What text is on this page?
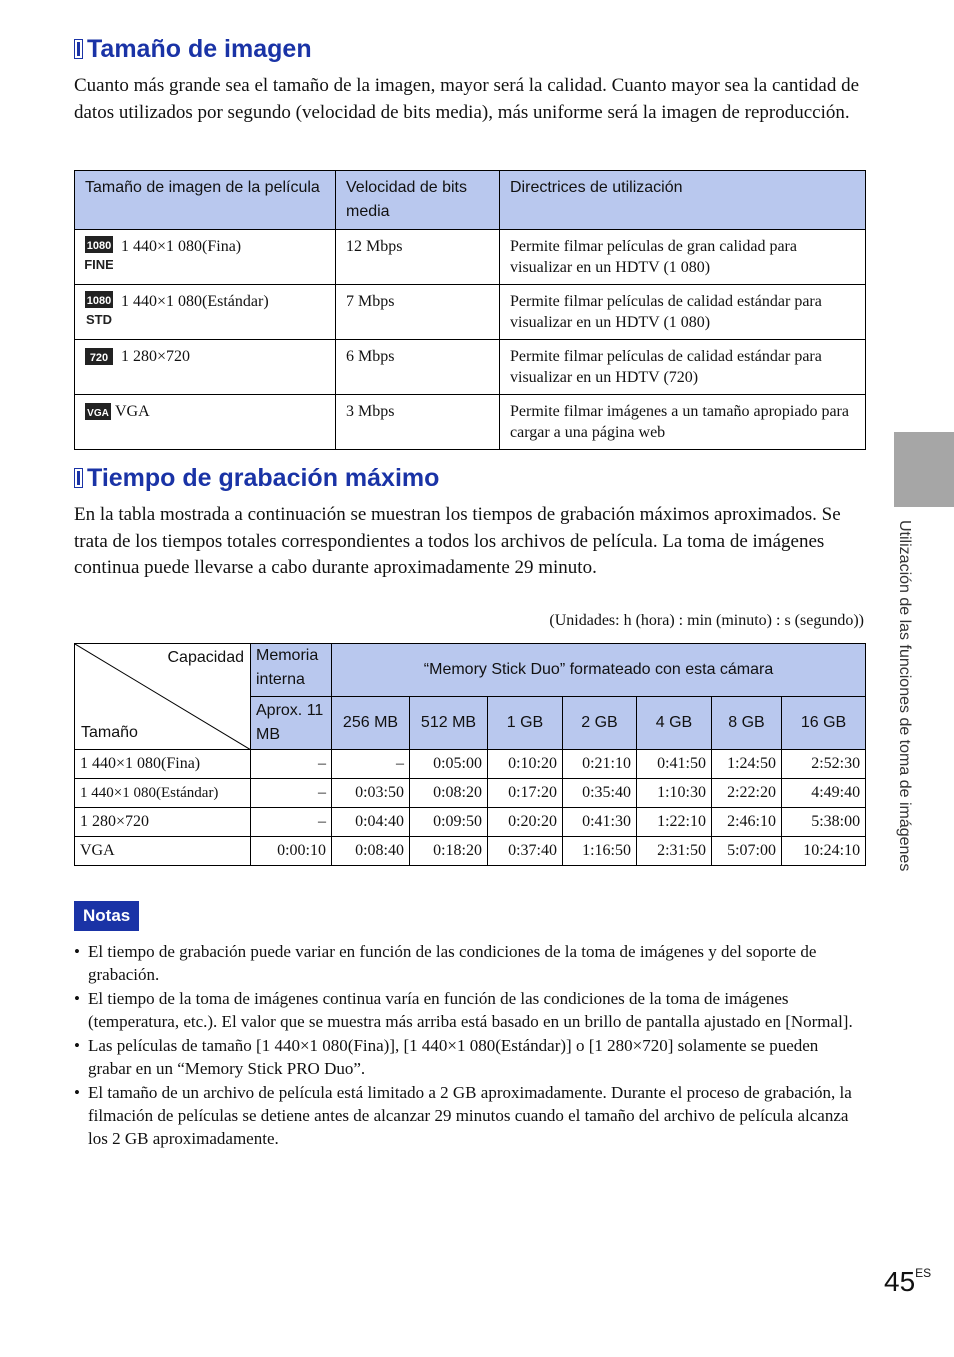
Tamaño de imagen

Cuanto más grande sea el tamaño de la imagen, mayor será la calidad. Cuanto mayor sea la cantidad de datos utilizados por segundo (velocidad de bits media), más uniforme será la imagen de reproducción.

Tamaño de imagen de la película	Velocidad de bits media	Directrices de utilización

1080
FINE
1 440×1 080(Fina)	12 Mbps	Permite filmar películas de gran calidad para visualizar en un HDTV (1 080)

1080
STD
1 440×1 080(Estándar)	7 Mbps	Permite filmar películas de calidad estándar para visualizar en un HDTV (1 080)

720 1 280×720	6 Mbps	Permite filmar películas de calidad estándar para visualizar en un HDTV (720)

VGA VGA	3 Mbps	Permite filmar imágenes a un tamaño apropiado para cargar a una página web
Tiempo de grabación máximo

En la tabla mostrada a continuación se muestran los tiempos de grabación máximos aproximados. Se trata de los tiempos totales correspondientes a todos los archivos de película. La toma de imágenes continua puede llevarse a cabo durante aproximadamente 29 minuto.

(Unidades: h (hora) : min (minuto) : s (segundo))

Capacidad
Tamaño	Memoria interna	“Memory Stick Duo” formateado con esta cámara						
	Aprox. 11 MB	256 MB	512 MB	1 GB	2 GB	4 GB	8 GB	16 GB
1 440×1 080(Fina)	–	–	0:05:00	0:10:20	0:21:10	0:41:50	1:24:50	2:52:30
1 440×1 080(Estándar)	–	0:03:50	0:08:20	0:17:20	0:35:40	1:10:30	2:22:20	4:49:40
1 280×720	–	0:04:40	0:09:50	0:20:20	0:41:30	1:22:10	2:46:10	5:38:00
VGA	0:00:10	0:08:40	0:18:20	0:37:40	1:16:50	2:31:50	5:07:00	10:24:10
Notas
• El tiempo de grabación puede variar en función de las condiciones de la toma de imágenes y del soporte de grabación.
• El tiempo de la toma de imágenes continua varía en función de las condiciones de la toma de imágenes (temperatura, etc.). El valor que se muestra más arriba está basado en un brillo de pantalla ajustado en [Normal].
• Las películas de tamaño [1 440×1 080(Fina)], [1 440×1 080(Estándar)] o [1 280×720] solamente se pueden grabar en un “Memory Stick PRO Duo”.
• El tamaño de un archivo de película está limitado a 2 GB aproximadamente. Durante el proceso de grabación, la filmación de películas se detiene antes de alcanzar 29 minutos cuando el tamaño del archivo de película alcanza los 2 GB aproximadamente.
Utilización de las funciones de toma de imágenes
$45^{ES}$
